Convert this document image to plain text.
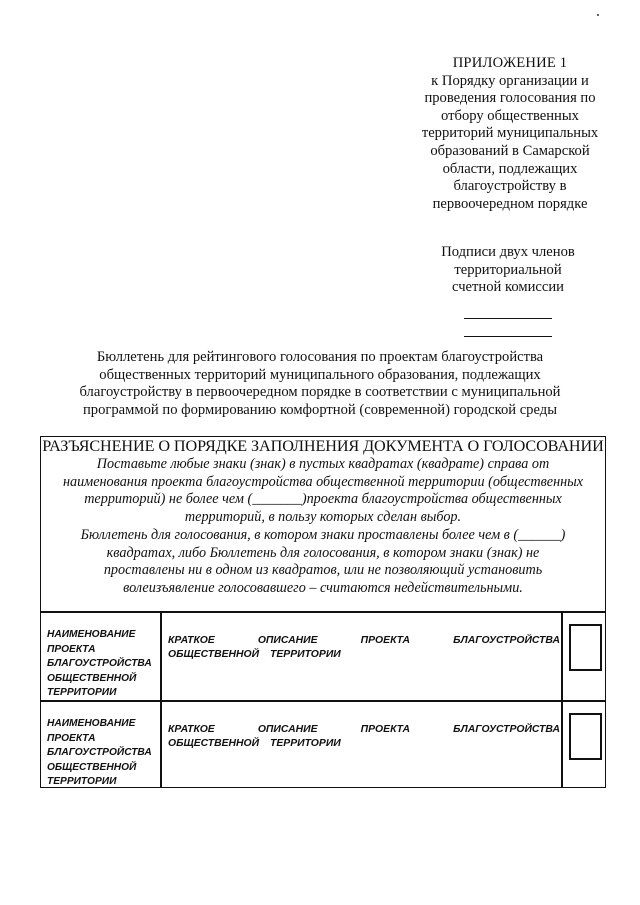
ПРИЛОЖЕНИЕ 1
к Порядку организации и
проведения голосования по
отбору общественных
территорий муниципальных
образований в Самарской
области, подлежащих
благоустройству в
первоочередном порядке
Подписи двух членов
территориальной
счетной комиссии
Бюллетень для рейтингового голосования по проектам благоустройства
общественных территорий муниципального образования, подлежащих
благоустройству в первоочередном порядке в соответствии с муниципальной
программой по формированию комфортной (современной) городской среды
РАЗЪЯСНЕНИЕ О ПОРЯДКЕ ЗАПОЛНЕНИЯ ДОКУМЕНТА О ГОЛОСОВАНИИ
Поставьте любые знаки (знак) в пустых квадратах (квадрате) справа от
наименования проекта благоустройства общественной территории (общественных
территорий) не более чем (_______)проекта благоустройства общественных
территорий, в пользу которых сделан выбор.
Бюллетень для голосования, в котором знаки проставлены более чем в (______)
квадратах, либо Бюллетень для голосования, в котором знаки (знак) не
проставлены ни в одном из квадратов, или не позволяющий установить
волеизъявление голосовавшего – считаются недействительными.
НАИМЕНОВАНИЕ
ПРОЕКТА
БЛАГОУСТРОЙСТВА
ОБЩЕСТВЕННОЙ
ТЕРРИТОРИИ
КРАТКОЕ ОПИСАНИЕ ПРОЕКТА БЛАГОУСТРОЙСТВА ОБЩЕСТВЕННОЙ ТЕРРИТОРИИ
НАИМЕНОВАНИЕ
ПРОЕКТА
БЛАГОУСТРОЙСТВА
ОБЩЕСТВЕННОЙ
ТЕРРИТОРИИ
КРАТКОЕ ОПИСАНИЕ ПРОЕКТА БЛАГОУСТРОЙСТВА ОБЩЕСТВЕННОЙ ТЕРРИТОРИИ
